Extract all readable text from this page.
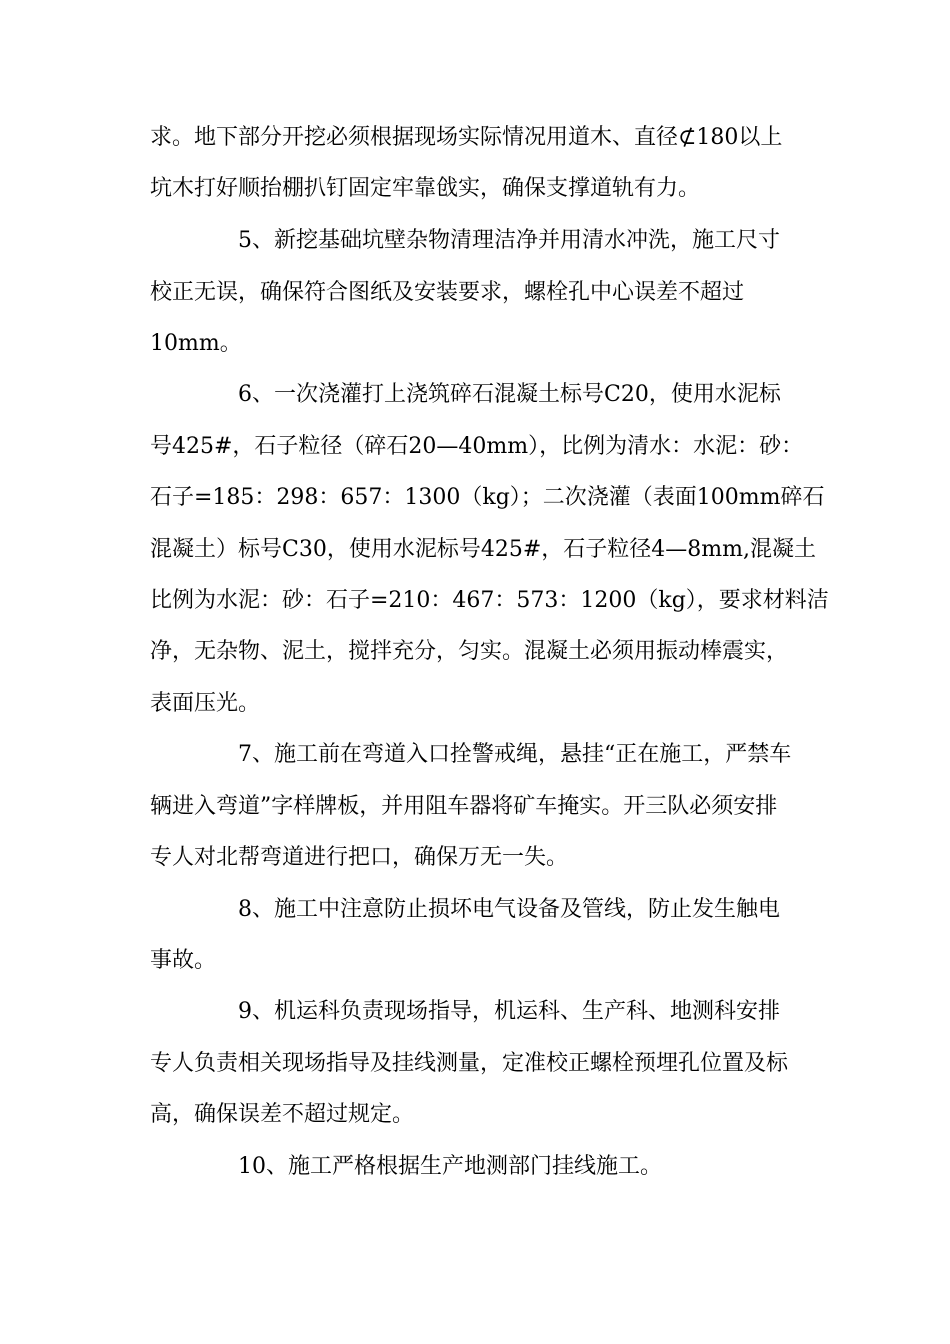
求。地下部分开挖必须根据现场实际情况用道木、直径⊄180以上
坑木打好顺抬棚扒钉固定牢靠戗实，确保支撑道轨有力。
5、新挖基础坑壁杂物清理洁净并用清水冲洗，施工尺寸
校正无误，确保符合图纸及安装要求，螺栓孔中心误差不超过
10mm。
6、一次浇灌打上浇筑碎石混凝土标号C20，使用水泥标
号425#，石子粒径（碎石20—40mm），比例为清水：水泥：砂：
石子=185：298：657：1300（kg）；二次浇灌（表面100mm碎石
混凝土）标号C30，使用水泥标号425#，石子粒径4—8mm,混凝土
比例为水泥：砂：石子=210：467：573：1200（kg），要求材料洁
净，无杂物、泥土，搅拌充分，匀实。混凝土必须用振动棒震实，
表面压光。
7、施工前在弯道入口拴警戒绳，悬挂“正在施工，严禁车
辆进入弯道”字样牌板，并用阻车器将矿车掩实。开三队必须安排
专人对北帮弯道进行把口，确保万无一失。
8、施工中注意防止损坏电气设备及管线，防止发生触电
事故。
9、机运科负责现场指导，机运科、生产科、地测科安排
专人负责相关现场指导及挂线测量，定准校正螺栓预埋孔位置及标
高，确保误差不超过规定。
10、施工严格根据生产地测部门挂线施工。
